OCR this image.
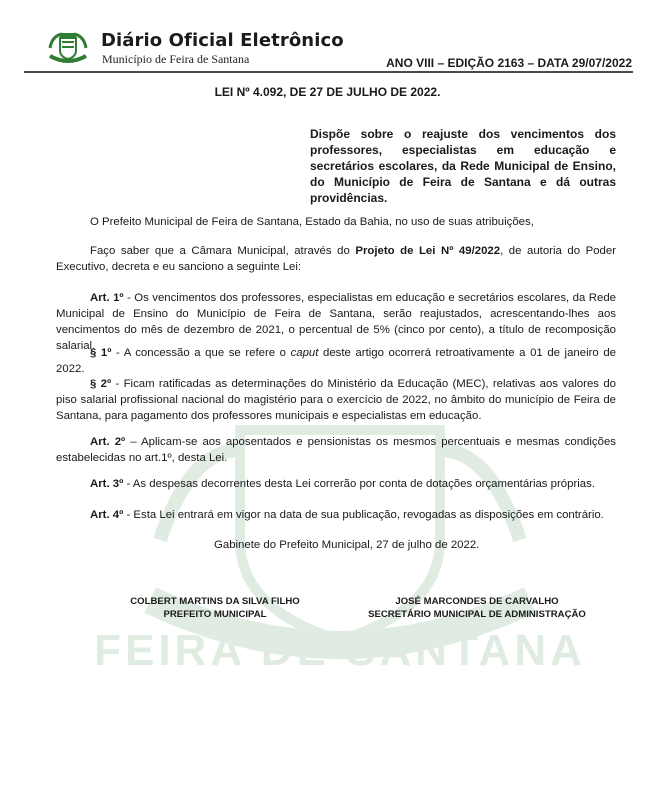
FEIRA DE SANTANA
Diário Oficial Eletrônico
Município de Feira de Santana	ANO VIII – EDIÇÃO 2163 – DATA 29/07/2022
LEI Nº 4.092, DE 27 DE JULHO DE 2022.
Dispõe sobre o reajuste dos vencimentos dos professores, especialistas em educação e secretários escolares, da Rede Municipal de Ensino, do Município de Feira de Santana e dá outras providências.
O Prefeito Municipal de Feira de Santana, Estado da Bahia, no uso de suas atribuições,
Faço saber que a Câmara Municipal, através do Projeto de Lei Nº 49/2022, de autoria do Poder Executivo, decreta e eu sanciono a seguinte Lei:
Art. 1º - Os vencimentos dos professores, especialistas em educação e secretários escolares, da Rede Municipal de Ensino do Município de Feira de Santana, serão reajustados, acrescentando-lhes aos vencimentos do mês de dezembro de 2021, o percentual de 5% (cinco por cento), a título de recomposição salarial.
§ 1º - A concessão a que se refere o caput deste artigo ocorrerá retroativamente a 01 de janeiro de 2022.
§ 2º - Ficam ratificadas as determinações do Ministério da Educação (MEC), relativas aos valores do piso salarial profissional nacional do magistério para o exercício de 2022, no âmbito do município de Feira de Santana, para pagamento dos professores municipais e especialistas em educação.
Art. 2º – Aplicam-se aos aposentados e pensionistas os mesmos percentuais e mesmas condições estabelecidas no art.1º, desta Lei.
Art. 3º - As despesas decorrentes desta Lei correrão por conta de dotações orçamentárias próprias.
Art. 4º - Esta Lei entrará em vigor na data de sua publicação, revogadas as disposições em contrário.
Gabinete do Prefeito Municipal, 27 de julho de 2022.
COLBERT MARTINS DA SILVA FILHO
PREFEITO MUNICIPAL
JOSÉ MARCONDES DE CARVALHO
SECRETÁRIO MUNICIPAL DE ADMINISTRAÇÃO
